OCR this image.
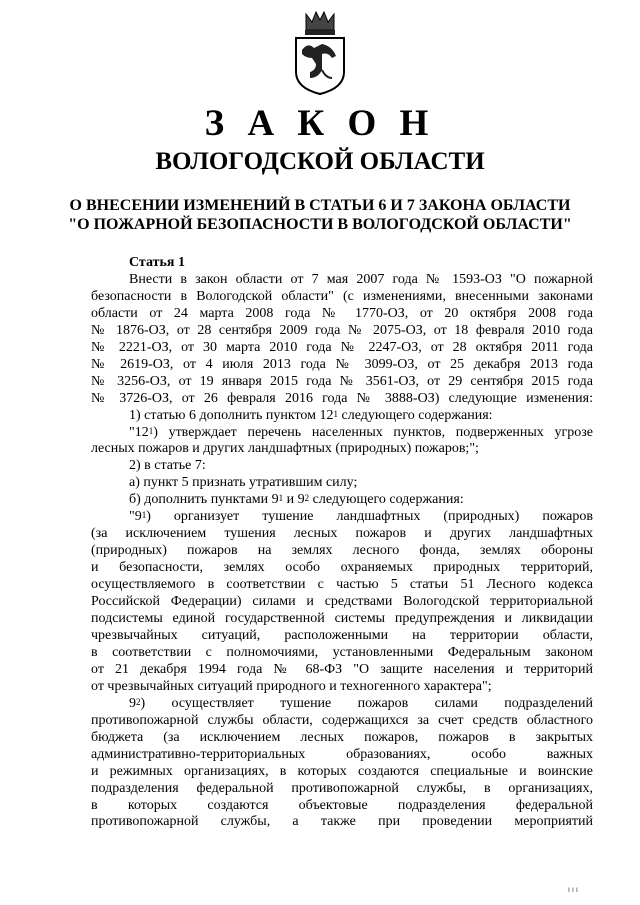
З А К О Н
ВОЛОГОДСКОЙ ОБЛАСТИ
О ВНЕСЕНИИ ИЗМЕНЕНИЙ В СТАТЬИ 6 И 7 ЗАКОНА ОБЛАСТИ
"О ПОЖАРНОЙ БЕЗОПАСНОСТИ В ВОЛОГОДСКОЙ ОБЛАСТИ"

Статья 1

Внести в закон области от 7 мая 2007 года № 1593-ОЗ "О пожарной

безопасности в Вологодской области" (с изменениями, внесенными законами

области от 24 марта 2008 года № 1770-ОЗ, от 20 октября 2008 года

№ 1876-ОЗ, от 28 сентября 2009 года № 2075-ОЗ, от 18 февраля 2010 года

№ 2221-ОЗ, от 30 марта 2010 года № 2247-ОЗ, от 28 октября 2011 года

№ 2619-ОЗ, от 4 июля 2013 года № 3099-ОЗ, от 25 декабря 2013 года

№ 3256-ОЗ, от 19 января 2015 года № 3561-ОЗ, от 29 сентября 2015 года

№ 3726-ОЗ, от 26 февраля 2016 года № 3888-ОЗ) следующие изменения:

1) статью 6 дополнить пунктом $12^1$ следующего содержания:

"$12^1$) утверждает перечень населенных пунктов, подверженных угрозе

лесных пожаров и других ландшафтных (природных) пожаров;";

2) в статье 7:

а) пункт 5 признать утратившим силу;

б) дополнить пунктами $9^1$ и $9^2$ следующего содержания:

"$9^1$) организует тушение ландшафтных (природных) пожаров

(за исключением тушения лесных пожаров и других ландшафтных

(природных) пожаров на землях лесного фонда, землях обороны

и безопасности, землях особо охраняемых природных территорий,

осуществляемого в соответствии с частью 5 статьи 51 Лесного кодекса

Российской Федерации) силами и средствами Вологодской территориальной

подсистемы единой государственной системы предупреждения и ликвидации

чрезвычайных ситуаций, расположенными на территории области,

в соответствии с полномочиями, установленными Федеральным законом

от 21 декабря 1994 года № 68-ФЗ "О защите населения и территорий

от чрезвычайных ситуаций природного и техногенного характера";

$9^2$) осуществляет тушение пожаров силами подразделений

противопожарной службы области, содержащихся за счет средств областного

бюджета (за исключением лесных пожаров, пожаров в закрытых

административно-территориальных образованиях, особо важных

и режимных организациях, в которых создаются специальные и воинские

подразделения федеральной противопожарной службы, в организациях,

в которых создаются объектовые подразделения федеральной

противопожарной службы, а также при проведении мероприятий

ι ι ι
